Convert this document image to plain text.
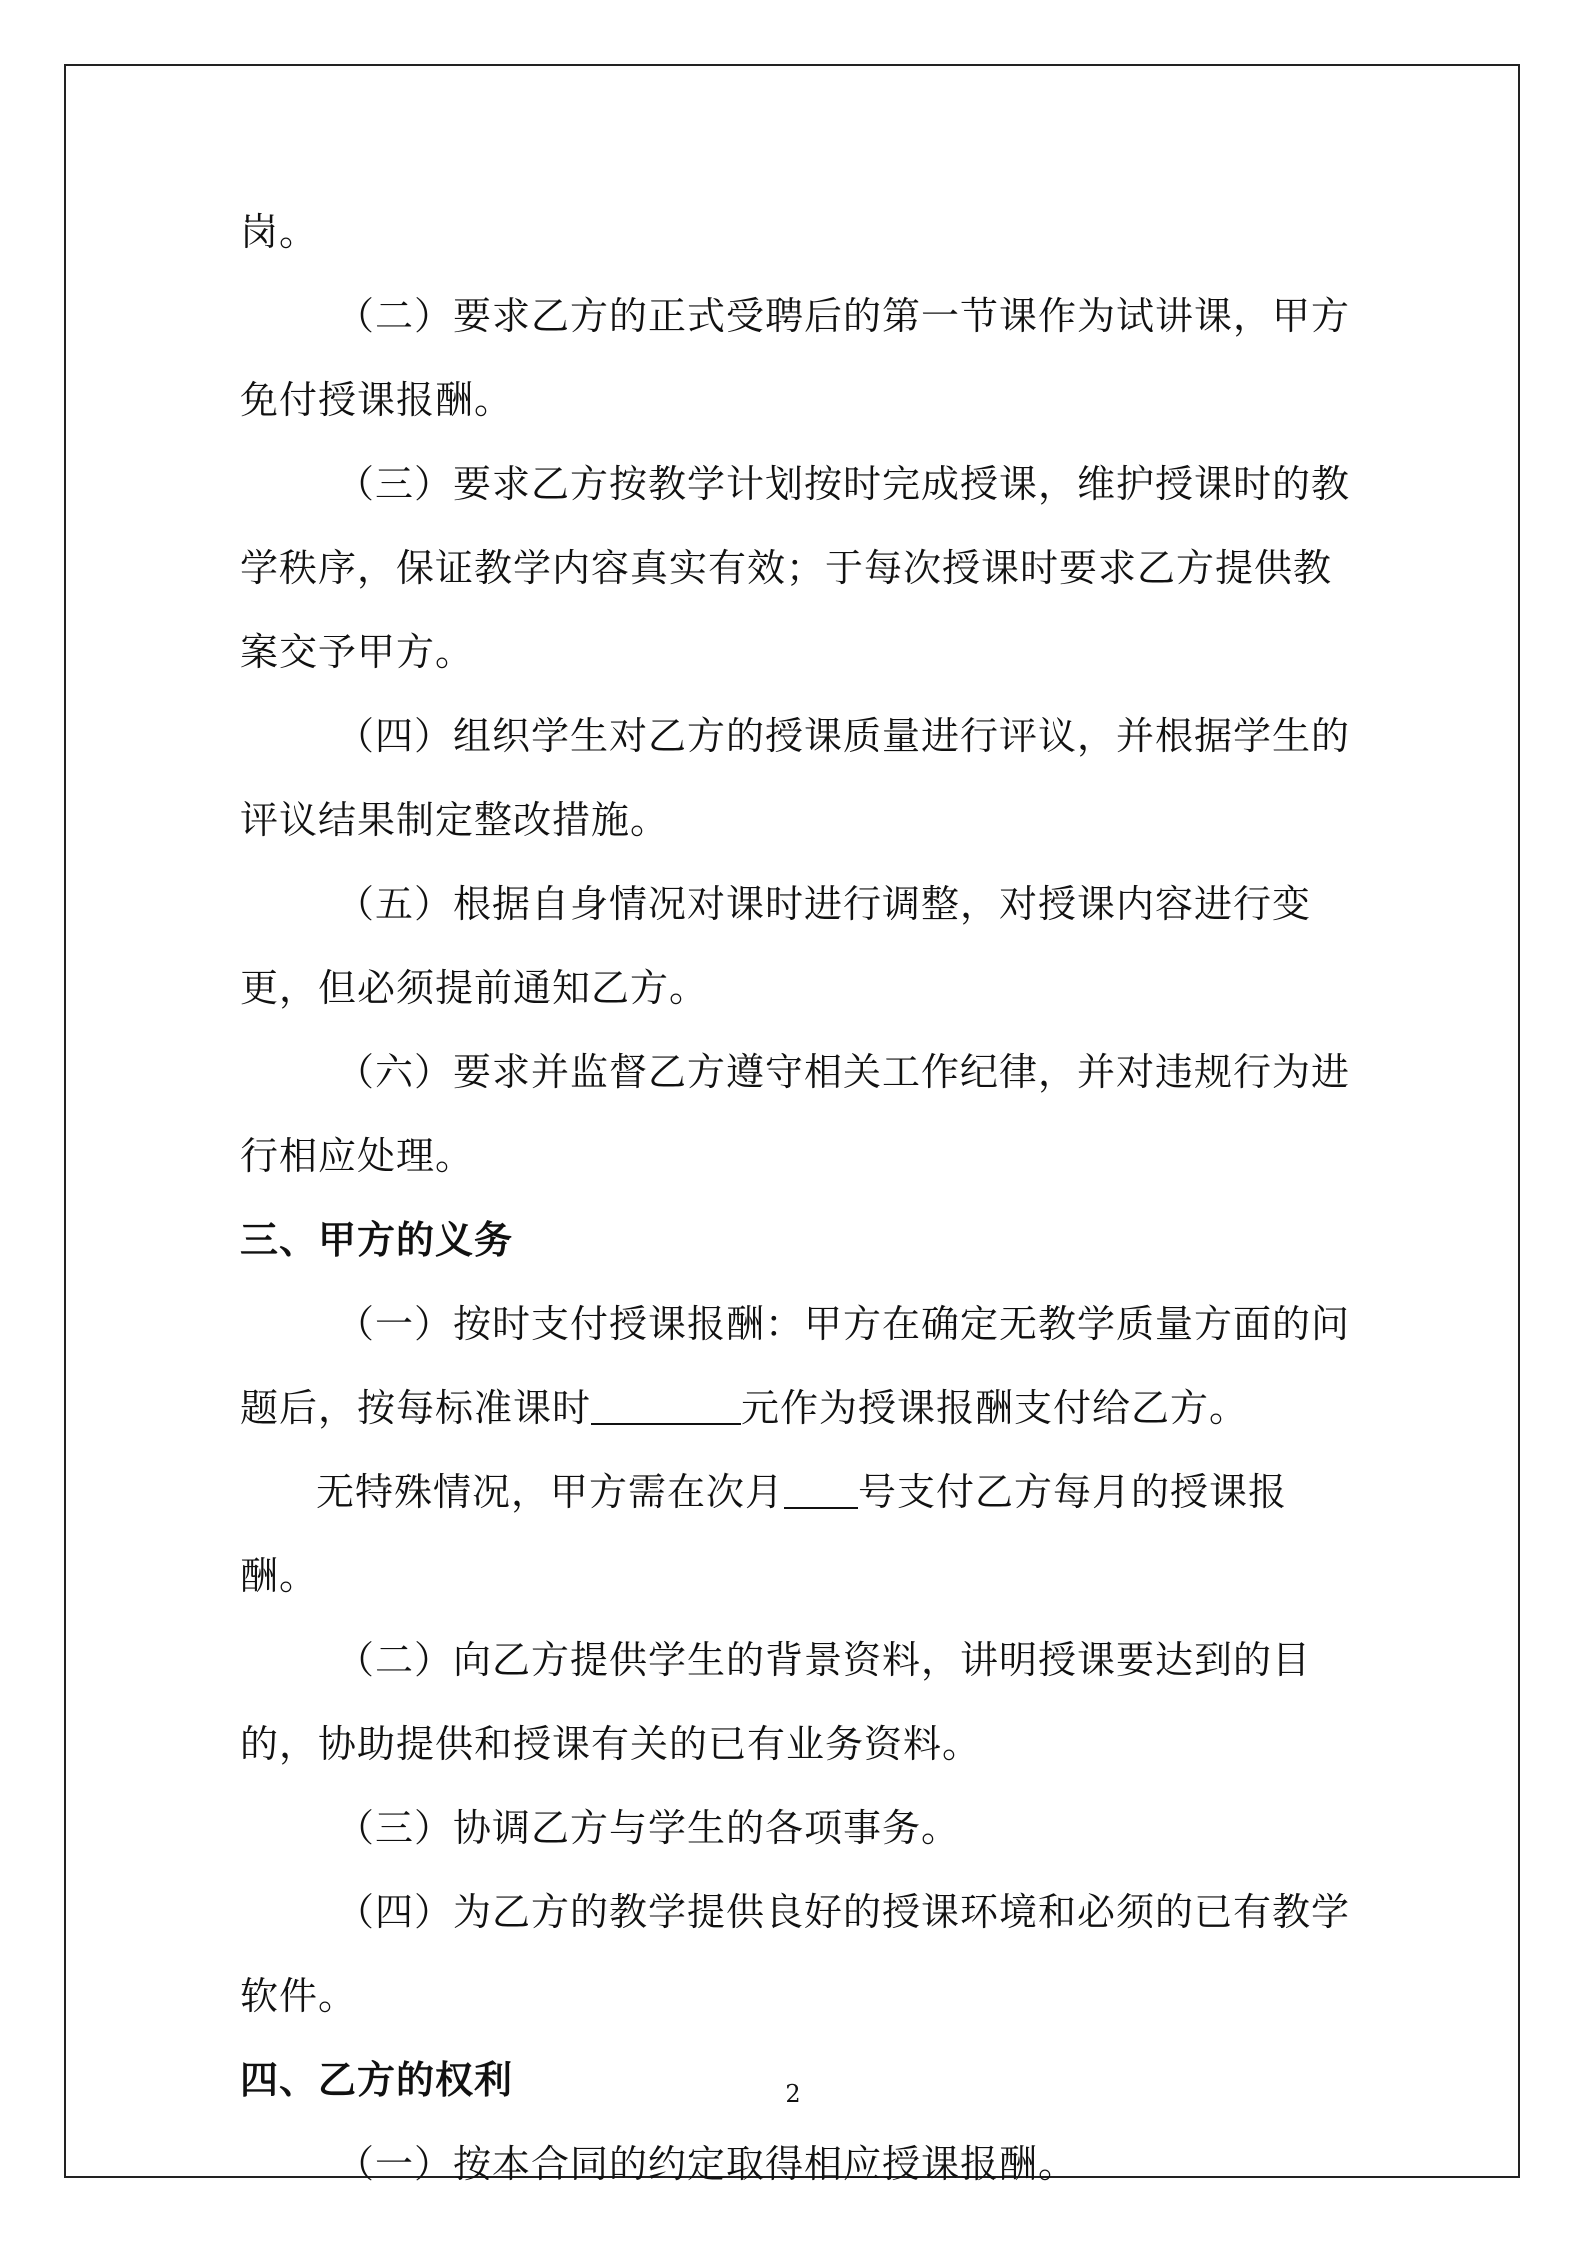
岗。

（二）要求乙方的正式受聘后的第一节课作为试讲课，甲方免付授课报酬。

（三）要求乙方按教学计划按时完成授课，维护授课时的教学秩序，保证教学内容真实有效；于每次授课时要求乙方提供教案交予甲方。

（四）组织学生对乙方的授课质量进行评议，并根据学生的评议结果制定整改措施。

（五）根据自身情况对课时进行调整，对授课内容进行变更，但必须提前通知乙方。

（六）要求并监督乙方遵守相关工作纪律，并对违规行为进行相应处理。

三、甲方的义务

（一）按时支付授课报酬：甲方在确定无教学质量方面的问题后，按每标准课时	元作为授课报酬支付给乙方。

无特殊情况，甲方需在次月 号支付乙方每月的授课报酬。

（二）向乙方提供学生的背景资料，讲明授课要达到的目的，协助提供和授课有关的已有业务资料。

（三）协调乙方与学生的各项事务。

（四）为乙方的教学提供良好的授课环境和必须的已有教学软件。

四、乙方的权利

（一）按本合同的约定取得相应授课报酬。

2
